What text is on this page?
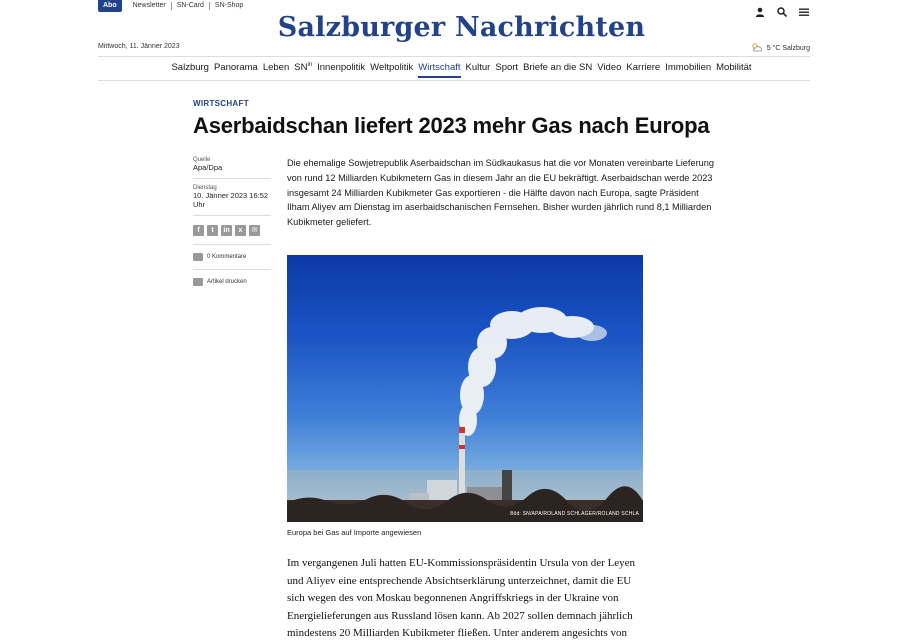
Abo	Newsletter	SN-Card	SN-Shop
Salzburger Nachrichten
Mittwoch, 11. Jänner 2023	5 °C Salzburg
Salzburg Panorama Leben $SN^{in}$ Innenpolitik Weltpolitik Wirtschaft Kultur Sport Briefe an die SN Video Karriere Immobilien Mobilität
WIRTSCHAFT
Aserbaidschan liefert 2023 mehr Gas nach Europa
Quelle
Apa/Dpa
Dienstag
10. Jänner 2023 16:52 Uhr
f	t	in	x	✉
0 Kommentare
Artikel drucken

Die ehemalige Sowjetrepublik Aserbaidschan im Südkaukasus hat die vor Monaten vereinbarte Lieferung von rund 12 Milliarden Kubikmetern Gas in diesem Jahr an die EU bekräftigt. Aserbaidschan werde 2023 insgesamt 24 Milliarden Kubikmeter Gas exportieren - die Hälfte davon nach Europa, sagte Präsident Ilham Aliyev am Dienstag im aserbaidschanischen Fernsehen. Bisher wurden jährlich rund 8,1 Milliarden Kubikmeter geliefert.

Bild: SN/APA/ROLAND SCHLAGER/ROLAND SCHLA
Europa bei Gas auf Importe angewiesen

Im vergangenen Juli hatten EU-Kommissionspräsidentin Ursula von der Leyen und Aliyev eine entsprechende Absichtserklärung unterzeichnet, damit die EU sich wegen des von Moskau begonnenen Angriffskriegs in der Ukraine von Energielieferungen aus Russland lösen kann. Ab 2027 sollen demnach jährlich mindestens 20 Milliarden Kubikmeter fließen. Unter anderem angesichts von
